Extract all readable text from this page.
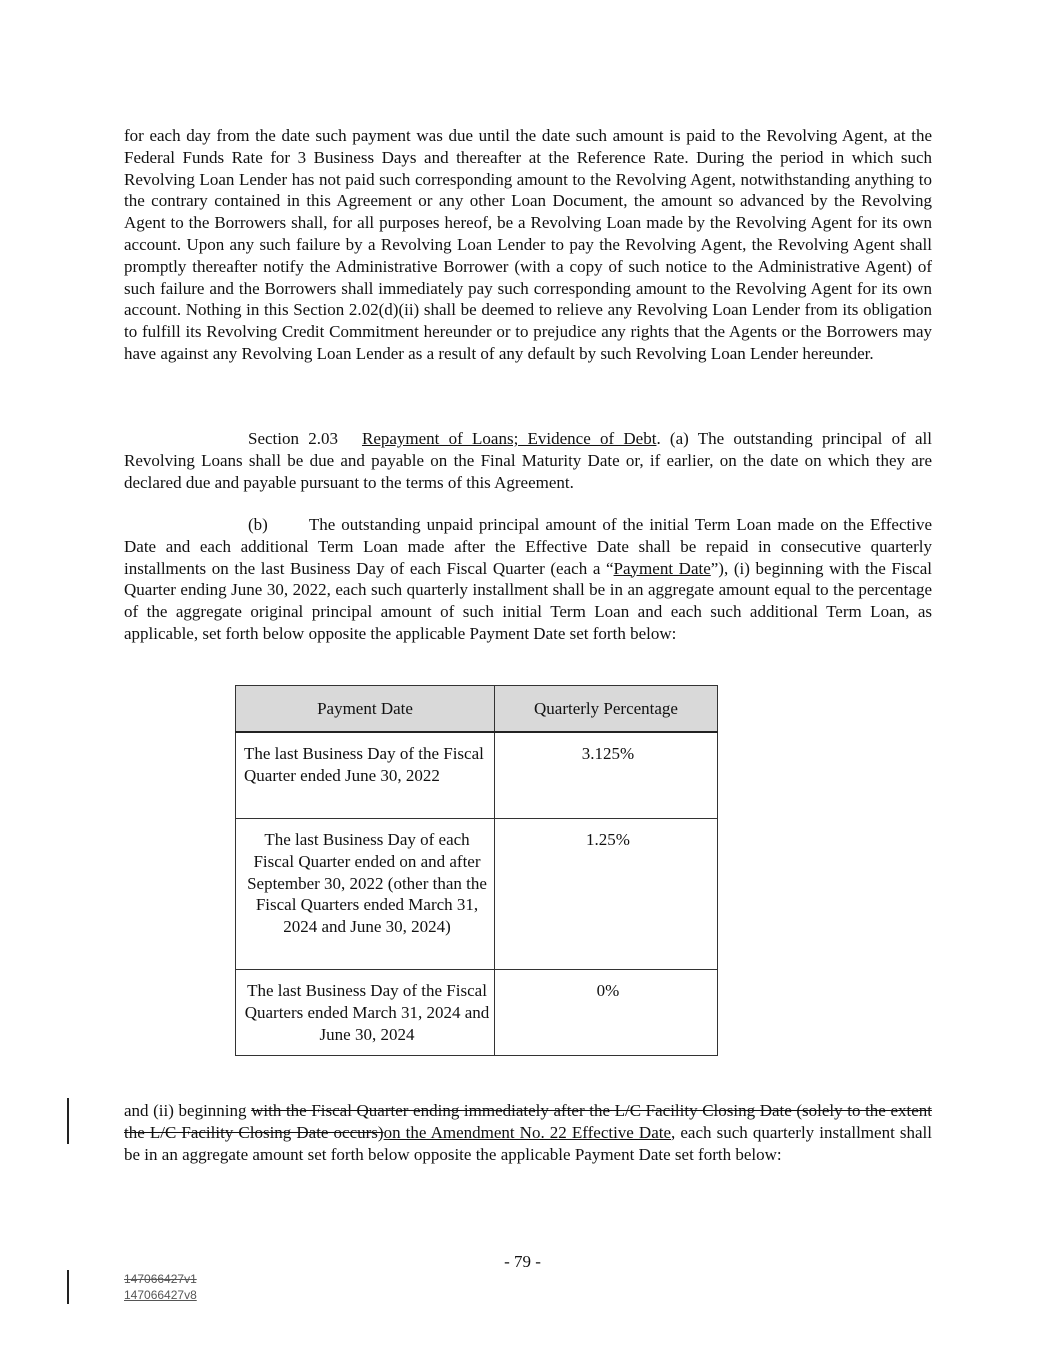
for each day from the date such payment was due until the date such amount is paid to the Revolving Agent, at the Federal Funds Rate for 3 Business Days and thereafter at the Reference Rate. During the period in which such Revolving Loan Lender has not paid such corresponding amount to the Revolving Agent, notwithstanding anything to the contrary contained in this Agreement or any other Loan Document, the amount so advanced by the Revolving Agent to the Borrowers shall, for all purposes hereof, be a Revolving Loan made by the Revolving Agent for its own account. Upon any such failure by a Revolving Loan Lender to pay the Revolving Agent, the Revolving Agent shall promptly thereafter notify the Administrative Borrower (with a copy of such notice to the Administrative Agent) of such failure and the Borrowers shall immediately pay such corresponding amount to the Revolving Agent for its own account. Nothing in this Section 2.02(d)(ii) shall be deemed to relieve any Revolving Loan Lender from its obligation to fulfill its Revolving Credit Commitment hereunder or to prejudice any rights that the Agents or the Borrowers may have against any Revolving Loan Lender as a result of any default by such Revolving Loan Lender hereunder.

Section 2.03 Repayment of Loans; Evidence of Debt. (a) The outstanding principal of all Revolving Loans shall be due and payable on the Final Maturity Date or, if earlier, on the date on which they are declared due and payable pursuant to the terms of this Agreement.

(b) The outstanding unpaid principal amount of the initial Term Loan made on the Effective Date and each additional Term Loan made after the Effective Date shall be repaid in consecutive quarterly installments on the last Business Day of each Fiscal Quarter (each a “Payment Date”), (i) beginning with the Fiscal Quarter ending June 30, 2022, each such quarterly installment shall be in an aggregate amount equal to the percentage of the aggregate original principal amount of such initial Term Loan and each such additional Term Loan, as applicable, set forth below opposite the applicable Payment Date set forth below:

Payment Date	Quarterly Percentage
The last Business Day of the Fiscal Quarter ended June 30, 2022	3.125%
The last Business Day of each Fiscal Quarter ended on and after September 30, 2022 (other than the Fiscal Quarters ended March 31, 2024 and June 30, 2024)	1.25%
The last Business Day of the Fiscal Quarters ended March 31, 2024 and June 30, 2024	0%

and (ii) beginning with the Fiscal Quarter ending immediately after the L/C Facility Closing Date (solely to the extent the L/C Facility Closing Date occurs)on the Amendment No. 22 Effective Date, each such quarterly installment shall be in an aggregate amount set forth below opposite the applicable Payment Date set forth below:

- 79 -
147066427v1
147066427v8
